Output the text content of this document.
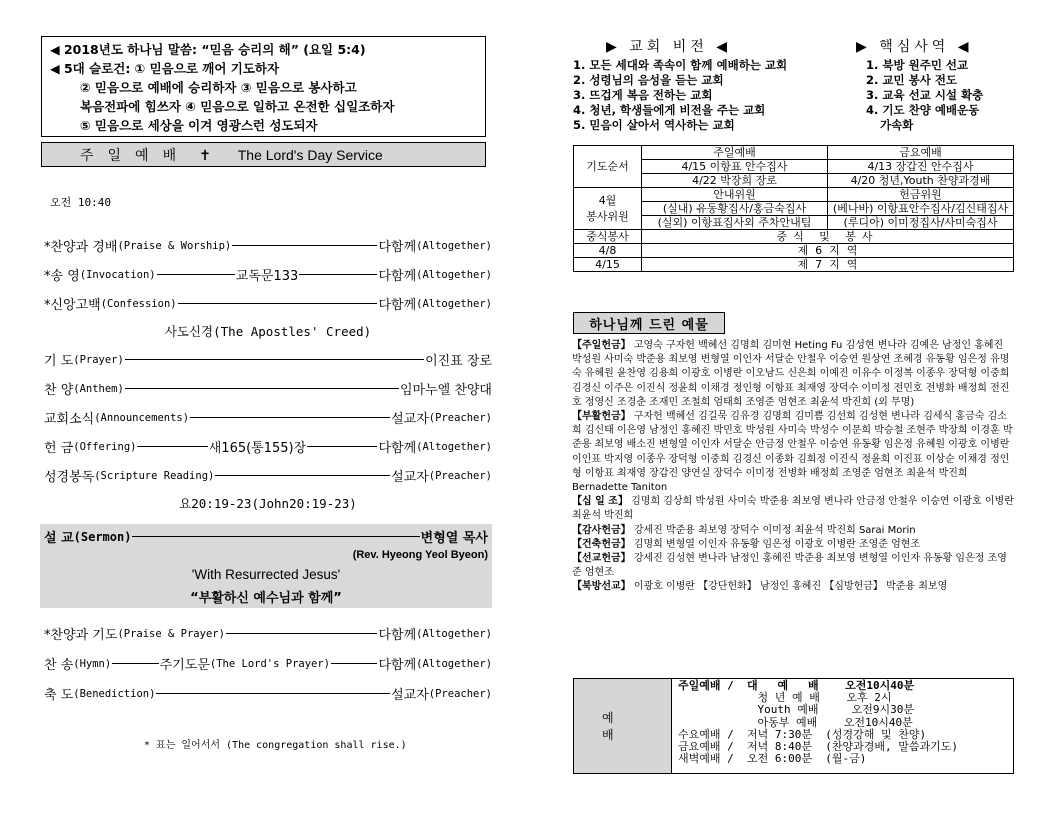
◀ 2018년도 하나님 말씀: “믿음 승리의 해” (요일 5:4)
◀ 5대 슬로건: ① 믿음으로 깨어 기도하자
② 믿음으로 예배에 승리하자 ③ 믿음으로 봉사하고
복음전파에 힘쓰자 ④ 믿음으로 일하고 온전한 십일조하자
⑤ 믿음으로 세상을 이겨 영광스런 성도되자
주일예배 ✝ The Lord's Day Service
오전 10:40
*찬양과 경배 (Praise & Worship)	다함께 (Altogether)
*송 영 (Invocation)	교독문133	다함께 (Altogether)
*신앙고백 (Confession)	다함께 (Altogether)
사도신경(The Apostles' Creed)
기 도 (Prayer)	이진표 장로
찬 양 (Anthem)	임마누엘 찬양대
교회소식 (Announcements)	설교자 (Preacher)
헌 금 (Offering)	새165(통155)장	다함께 (Altogether)
성경봉독 (Scripture Reading)	설교자 (Preacher)
요20:19-23(John20:19-23)
설 교 (Sermon)	변형열 목사
(Rev. Hyeong Yeol Byeon)
'With Resurrected Jesus'
“부활하신 예수님과 함께”
*찬양과 기도 (Praise & Prayer)	다함께 (Altogether)
찬 송 (Hymn)	주기도문 (The Lord's Prayer)	다함께 (Altogether)
축 도 (Benediction)	설교자 (Preacher)
* 표는 일어서서 (The congregation shall rise.)
▶ 교회 비전 ◀
1. 모든 세대와 족속이 함께 예배하는 교회
2. 성령님의 음성을 듣는 교회
3. 뜨겁게 복음 전하는 교회
4. 청년, 학생들에게 비전을 주는 교회
5. 믿음이 살아서 역사하는 교회
▶ 핵심사역 ◀
1. 북방 원주민 선교
2. 교민 봉사 전도
3. 교육 선교 시설 확충
4. 기도 찬양 예배운동
가속화
기도순서	주일예배	금요예배
	4/15 이항표 안수집사	4/13 장갑진 안수집사
	4/22 박장희 장로	4/20 청년,Youth 찬양과경배
4월
봉사위원	안내위원	헌금위원
	(실내) 유동황집사/홍금숙집사	(베나바) 이항표안수집사/김신태집사
	(실외) 이항표집사외 주차안내팀	(루디아) 이미정집사/사미숙집사
중식봉사	중식 및 봉사	
4/8	제  6  지  역	
4/15	제  7  지  역	
하나님께 드린 예물
【주일헌금】 고영숙 구자헌 백혜선 김명희 김미현 Heting Fu 김성현 변나라 김예은 남정인 홍혜진 박성원 사미숙 박준용 최보영 변형열 이인자 서달순 안철우 이승연 원상연 조혜경 유동황 임은정 유명숙 유혜원 윤찬영 김용희 이광호 이병란 이오남드 신은희 이예진 이유수 이정복 이종우 장덕형 이중희 김경신 이주은 이진식 정윤희 이채경 정인형 이항표 최재영 장덕수 이미정 전민호 전병화 배정희 전진호 정영신 조경춘 조재민 조철희 엄태희 조영준 엄현조 최윤석 박진희 (외 무명)
【부활헌금】 구자헌 백혜선 김길묵 김유경 김명희 김미쁨 김선희 김성현 변나라 김세식 홍금숙 김소희 김신태 이은영 남정인 홍혜진 박민호 박성원 사미숙 박성수 이문희 박승철 조현주 박장희 이경훈 박준용 최보영 배소진 변형열 이인자 서달순 안금정 안철우 이승연 유동황 임은정 유혜원 이광호 이병란 이인표 박지영 이종우 장덕형 이중희 김경신 이종화 김희정 이진식 정윤희 이진표 이상순 이채경 정인형 이항표 최재영 장갑진 양연실 장덕수 이미정 전병화 배정희 조영준 엄현조 최윤석 박진희 Bernadette Taniton
【십 일 조】 김명희 김상희 박성원 사미숙 박준용 최보영 변나라 안금정 안철우 이승연 이광호 이병란 최윤석 박진희
【감사헌금】 강세진 박준용 최보영 장덕수 이미정 최윤석 박진희 Sarai Morin
【건축헌금】 김명희 변형열 이인자 유동황 임은정 이광호 이병란 조영준 엄현조
【선교헌금】 강세진 김성현 변나라 남정인 홍혜진 박준용 최보영 변형열 이인자 유동황 임은정 조영준 엄현조
【북방선교】 이광호 이병란 【강단헌화】 남정인 홍혜진 【심방헌금】 박준용 최보영
예배
주일예배 /  대   예   배    오전10시40분
청 년 예 배    오후 2시
Youth 예배     오전9시30분
아동부 예배    오전10시40분
수요예배 /  저녁 7:30분  (성경강해 및 찬양)
금요예배 /  저녁 8:40분  (찬양과경배, 말씀과기도)
새벽예배 /  오전 6:00분  (월-금)
